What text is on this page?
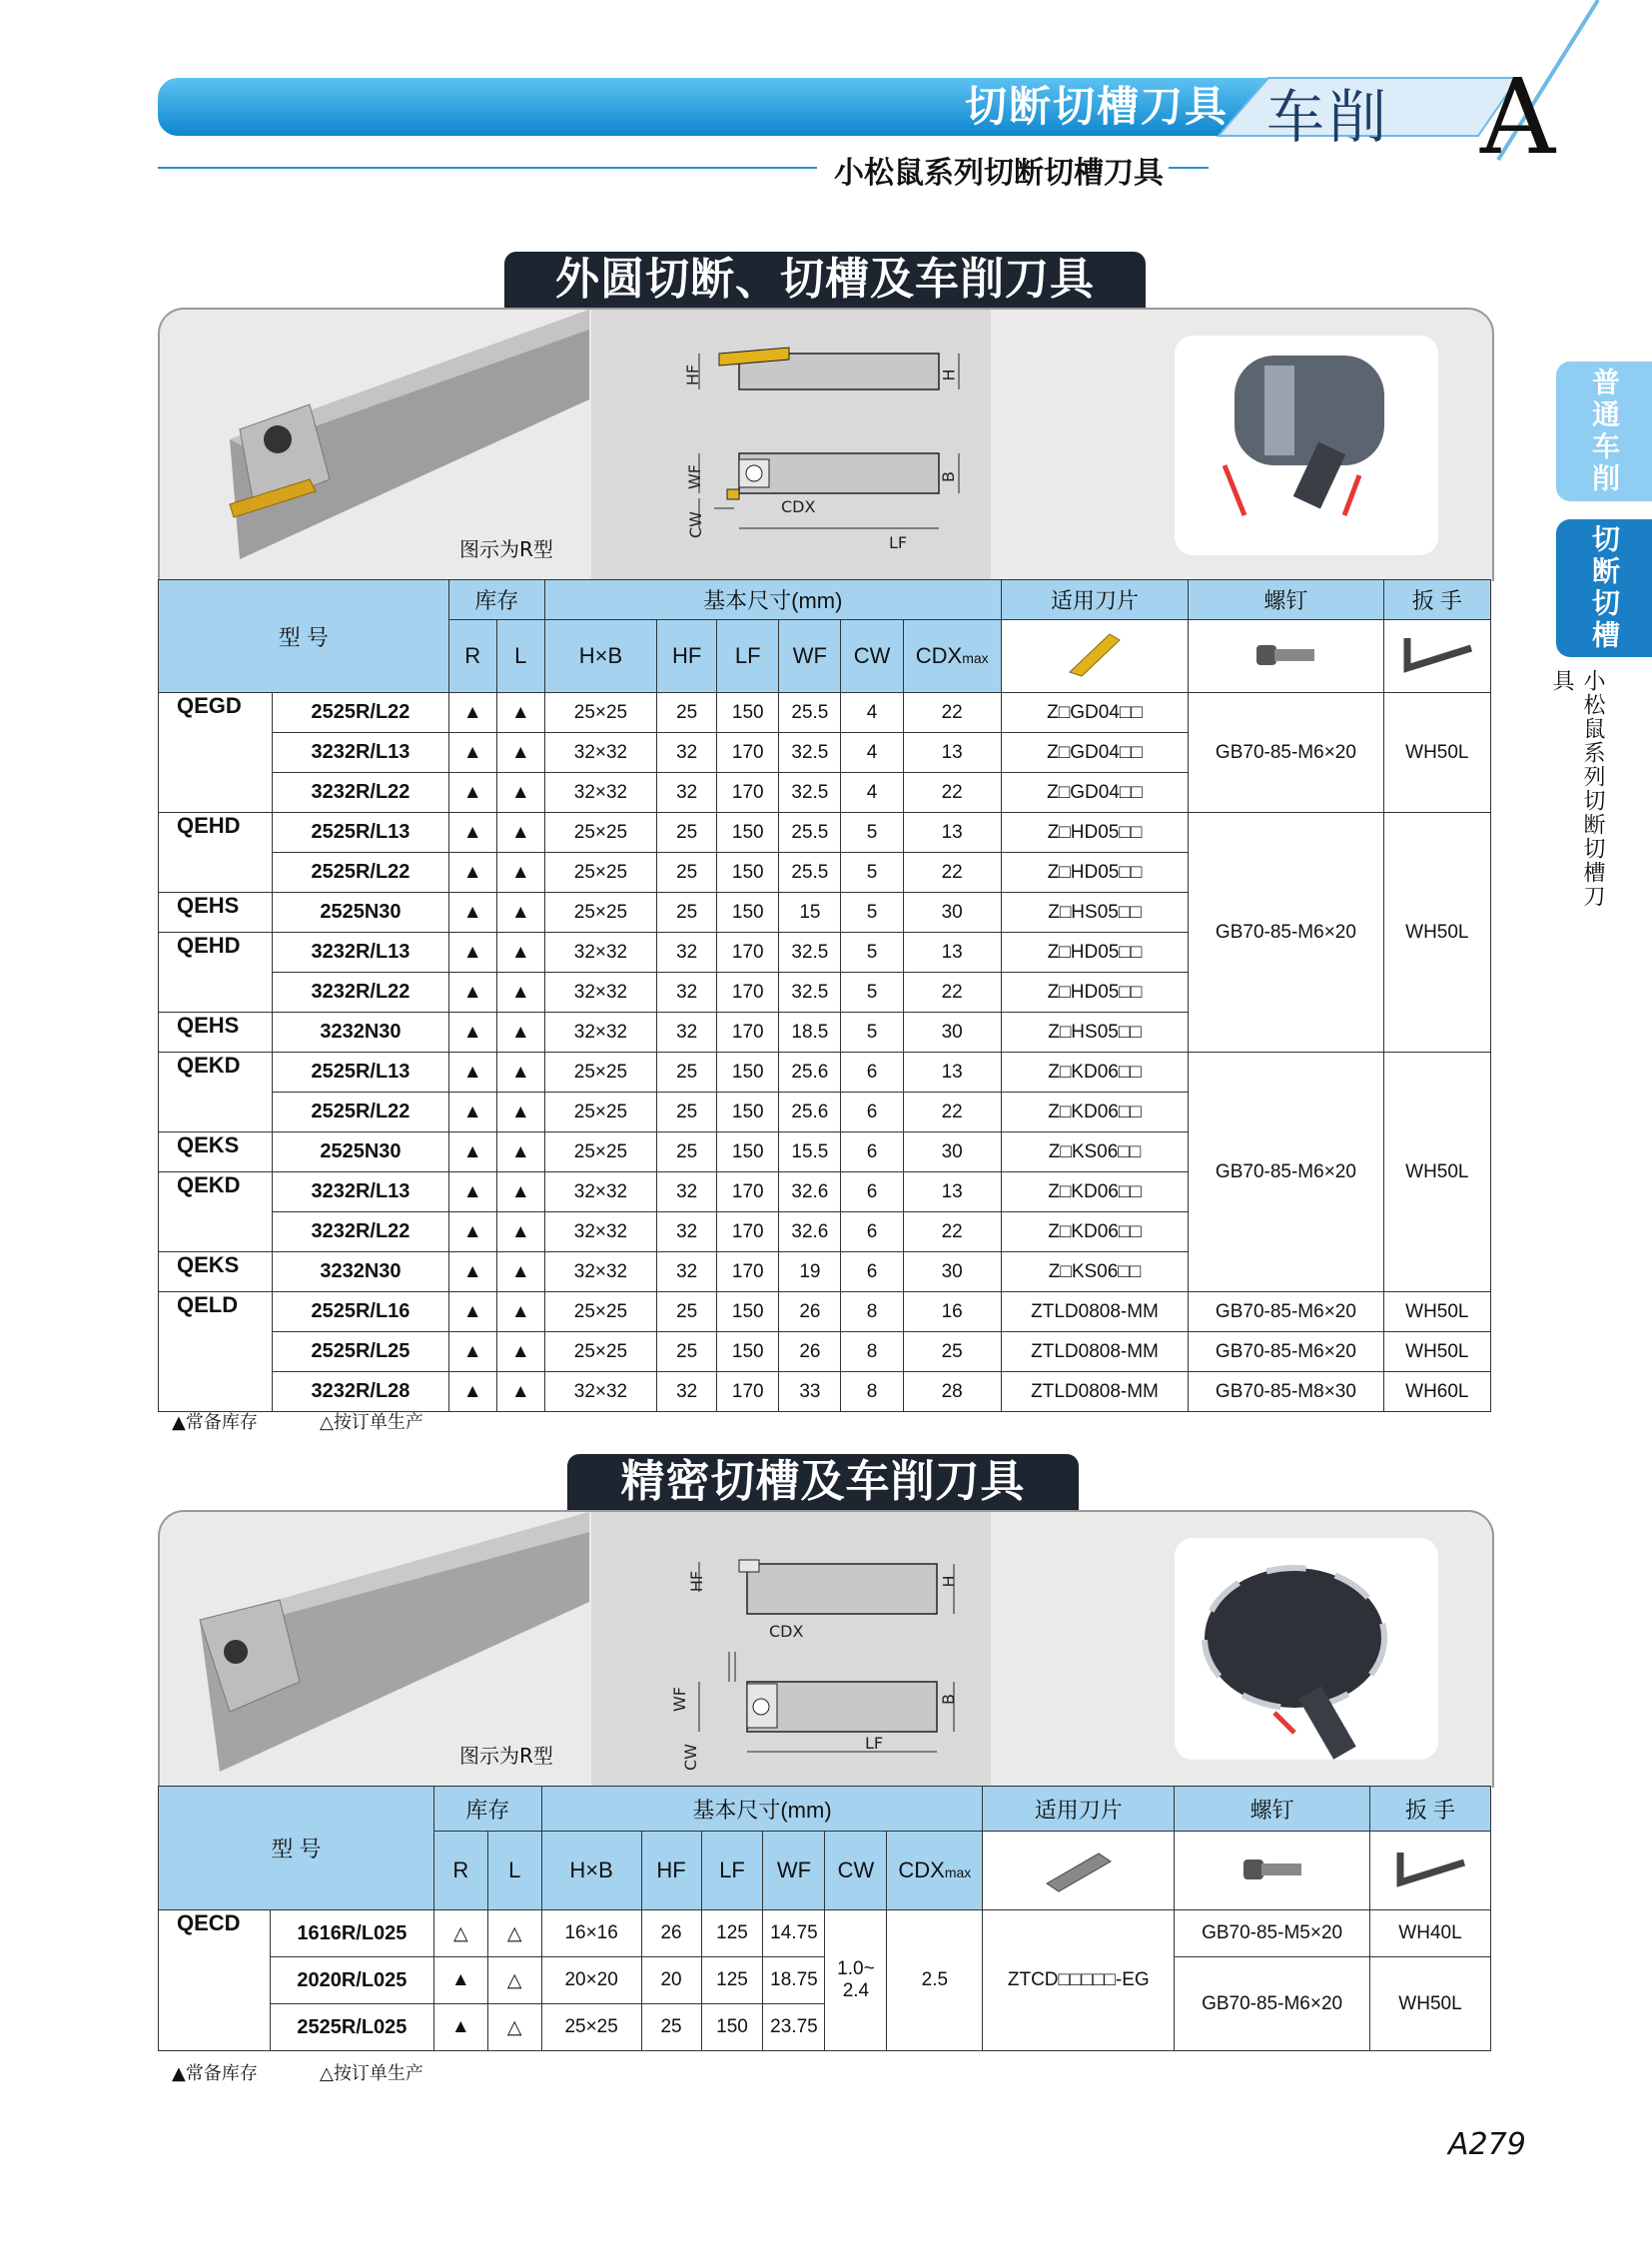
切断切槽刀具 车削 A
小松鼠系列切断切槽刀具
普通车削
切断切槽
小松鼠系列切断切槽刀具
外圆切断、切槽及车削刀具
图示为R型
HF	H
WF	B
CW
CDX
LF
型 号		库存		基本尺寸(mm)						适用刀片	螺钉	扳 手
		R	L	H×B	HF	LF	WF	CW	CDXmax			
QEGD	2525R/L22	▲	▲	25×25	25	150	25.5	4	22	Z□GD04□□	GB70-85-M6×20	WH50L
	3232R/L13	▲	▲	32×32	32	170	32.5	4	13	Z□GD04□□		
	3232R/L22	▲	▲	32×32	32	170	32.5	4	22	Z□GD04□□		
QEHD	2525R/L13	▲	▲	25×25	25	150	25.5	5	13	Z□HD05□□	GB70-85-M6×20	WH50L
	2525R/L22	▲	▲	25×25	25	150	25.5	5	22	Z□HD05□□		
QEHS	2525N30	▲	▲	25×25	25	150	15	5	30	Z□HS05□□		
QEHD	3232R/L13	▲	▲	32×32	32	170	32.5	5	13	Z□HD05□□		
	3232R/L22	▲	▲	32×32	32	170	32.5	5	22	Z□HD05□□		
QEHS	3232N30	▲	▲	32×32	32	170	18.5	5	30	Z□HS05□□		
QEKD	2525R/L13	▲	▲	25×25	25	150	25.6	6	13	Z□KD06□□	GB70-85-M6×20	WH50L
	2525R/L22	▲	▲	25×25	25	150	25.6	6	22	Z□KD06□□		
QEKS	2525N30	▲	▲	25×25	25	150	15.5	6	30	Z□KS06□□		
QEKD	3232R/L13	▲	▲	32×32	32	170	32.6	6	13	Z□KD06□□		
	3232R/L22	▲	▲	32×32	32	170	32.6	6	22	Z□KD06□□		
QEKS	3232N30	▲	▲	32×32	32	170	19	6	30	Z□KS06□□		
QELD	2525R/L16	▲	▲	25×25	25	150	26	8	16	ZTLD0808-MM	GB70-85-M6×20	WH50L
	2525R/L25	▲	▲	25×25	25	150	26	8	25	ZTLD0808-MM	GB70-85-M6×20	WH50L
	3232R/L28	▲	▲	32×32	32	170	33	8	28	ZTLD0808-MM	GB70-85-M8×30	WH60L
▲常备库存	△按订单生产
精密切槽及车削刀具
图示为R型
HF	H
CDX
WF	B
CW
LF
型 号		库存		基本尺寸(mm)						适用刀片	螺钉	扳 手
		R	L	H×B	HF	LF	WF	CW	CDXmax			
QECD	1616R/L025	△	△	16×16	26	125	14.75	1.0~ 2.4	2.5	ZTCD□□□□□-EG	GB70-85-M5×20	WH40L
	2020R/L025	▲	△	20×20	20	125	18.75				GB70-85-M6×20	WH50L
	2525R/L025	▲	△	25×25	25	150	23.75					
▲常备库存	△按订单生产
A279
